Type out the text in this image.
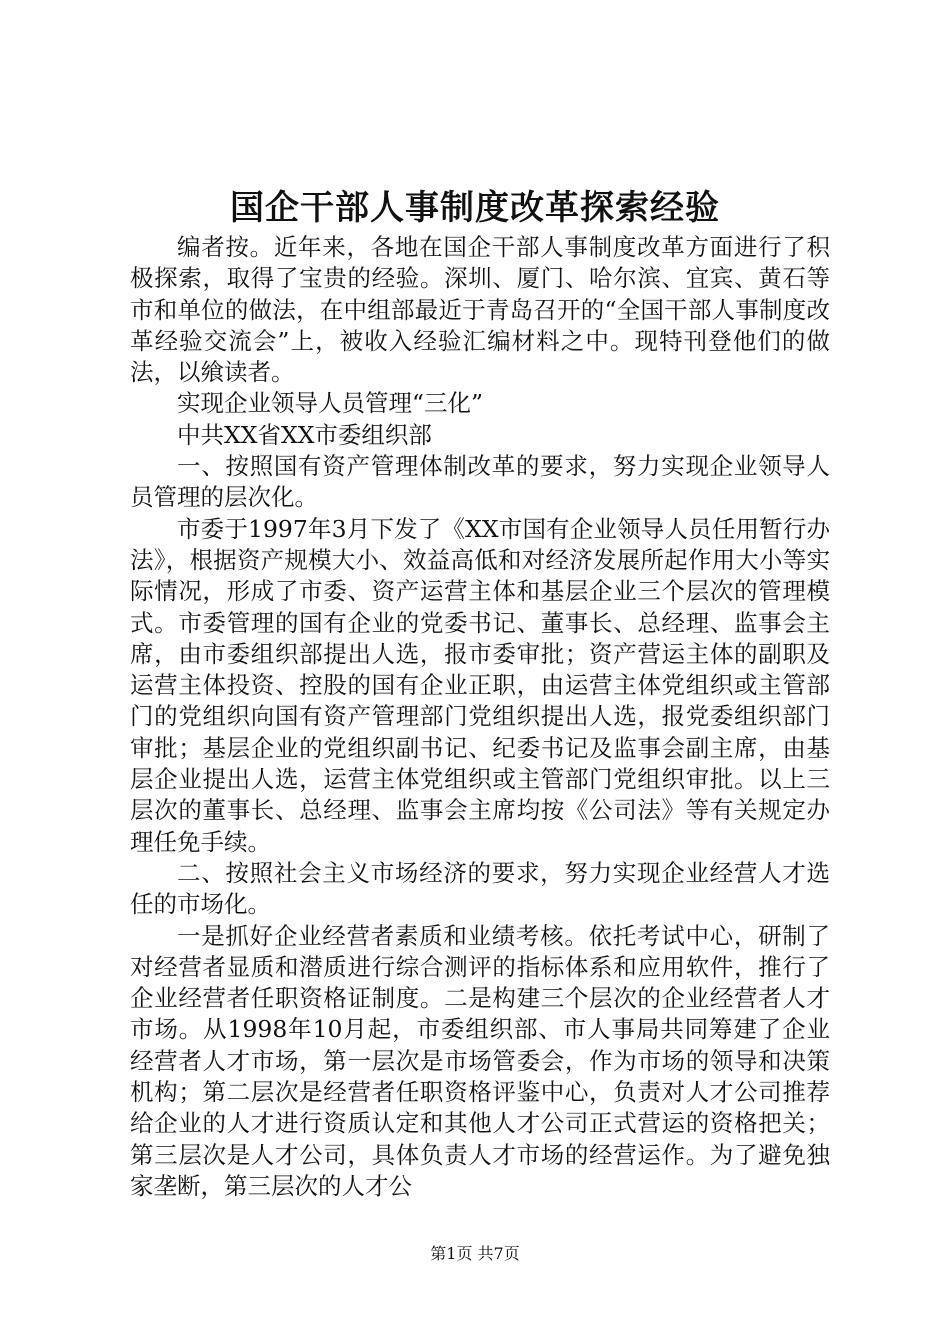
国企干部人事制度改革探索经验

编者按。近年来，各地在国企干部人事制度改革方面进行了积极探索，取得了宝贵的经验。深圳、厦门、哈尔滨、宜宾、黄石等市和单位的做法，在中组部最近于青岛召开的“全国干部人事制度改革经验交流会”上，被收入经验汇编材料之中。现特刊登他们的做法，以飨读者。

实现企业领导人员管理“三化”

中共XX省XX市委组织部

一、按照国有资产管理体制改革的要求，努力实现企业领导人员管理的层次化。

市委于1997年3月下发了《XX市国有企业领导人员任用暂行办法》，根据资产规模大小、效益高低和对经济发展所起作用大小等实际情况，形成了市委、资产运营主体和基层企业三个层次的管理模式。市委管理的国有企业的党委书记、董事长、总经理、监事会主席，由市委组织部提出人选，报市委审批；资产营运主体的副职及运营主体投资、控股的国有企业正职，由运营主体党组织或主管部门的党组织向国有资产管理部门党组织提出人选，报党委组织部门审批；基层企业的党组织副书记、纪委书记及监事会副主席，由基层企业提出人选，运营主体党组织或主管部门党组织审批。以上三层次的董事长、总经理、监事会主席均按《公司法》等有关规定办理任免手续。

二、按照社会主义市场经济的要求，努力实现企业经营人才选任的市场化。

一是抓好企业经营者素质和业绩考核。依托考试中心，研制了对经营者显质和潜质进行综合测评的指标体系和应用软件，推行了企业经营者任职资格证制度。二是构建三个层次的企业经营者人才市场。从1998年10月起，市委组织部、市人事局共同筹建了企业经营者人才市场，第一层次是市场管委会，作为市场的领导和决策机构；第二层次是经营者任职资格评鉴中心，负责对人才公司推荐给企业的人才进行资质认定和其他人才公司正式营运的资格把关；第三层次是人才公司，具体负责人才市场的经营运作。为了避免独家垄断，第三层次的人才公

第1页 共7页
